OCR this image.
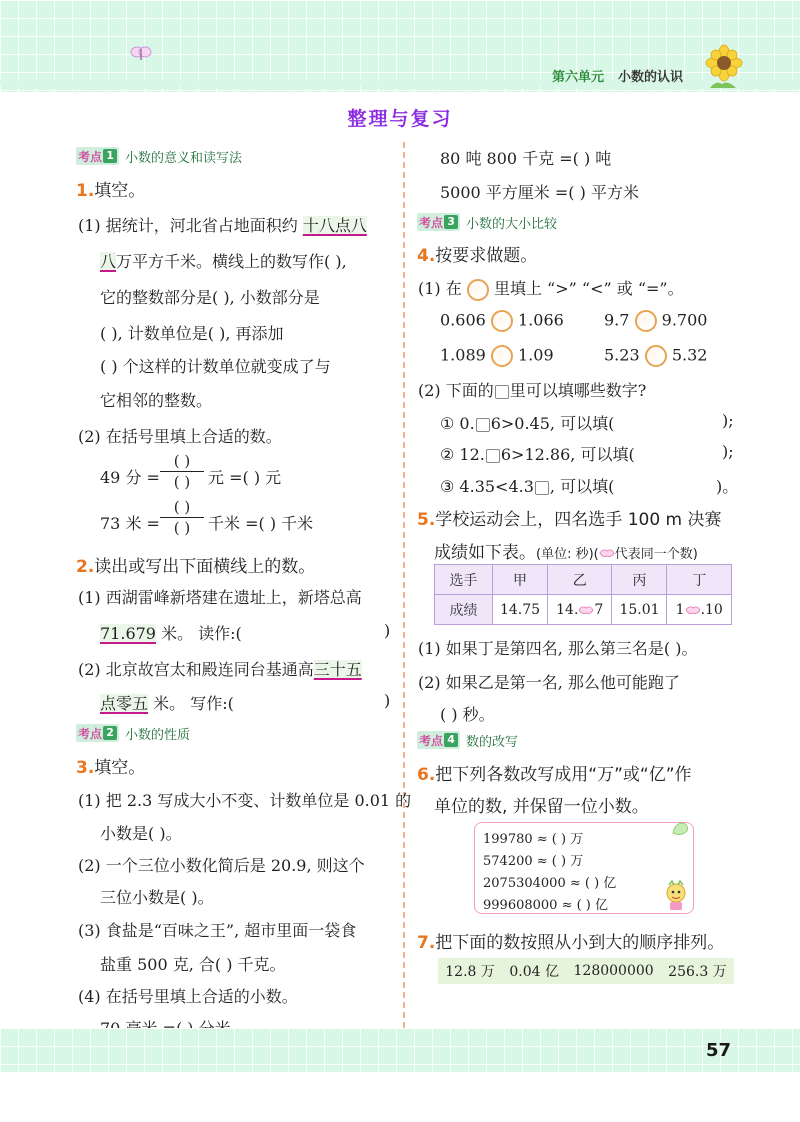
第六单元 小数的认识
整理与复习
考点 1 小数的意义和读写法
1.填空。
(1) 据统计，河北省占地面积约 十八点八
八万平方千米。横线上的数写作( ),
它的整数部分是( ), 小数部分是
( ), 计数单位是( ), 再添加
( ) 个这样的计数单位就变成了与
它相邻的整数。
(2) 在括号里填上合适的数。
49 分 =
( )
( )	元 =( ) 元
73 米 =
( )
( )	千米 =( ) 千米
2.读出或写出下面横线上的数。
(1) 西湖雷峰新塔建在遗址上，新塔总高
71.679 米。 读作:(	)
(2) 北京故宫太和殿连同台基通高三十五
点零五 米。 写作:(	)
考点 2 小数的性质
3.填空。
(1) 把 2.3 写成大小不变、计数单位是 0.01 的
小数是( )。
(2) 一个三位小数化简后是 20.9, 则这个
三位小数是( )。
(3) 食盐是“百味之王”, 超市里面一袋食
盐重 500 克, 合( ) 千克。
(4) 在括号里填上合适的小数。
80 吨 800 千克 =( ) 吨
5000 平方厘米 =( ) 平方米
考点 3 小数的大小比较
4.按要求做题。
(1) 在 里填上 “>” “<” 或 “=”。
0.606 1.066	9.7 9.700
1.089 1.09	5.23 5.32
(2) 下面的 里可以填哪些数字?
① 0. 6>0.45, 可以填(	);
② 12. 6>12.86, 可以填(	);
③ 4.35<4.3 , 可以填(	)。
5.学校运动会上，四名选手 100 m 决赛
成绩如下表。(单位: 秒)( 代表同一个数)
选手	甲	乙	丙	丁
成绩	14.75	14. 7	15.01	1 .10
(1) 如果丁是第四名, 那么第三名是( )。
(2) 如果乙是第一名, 那么他可能跑了
( ) 秒。
考点 4 数的改写
6.把下列各数改写成用“万”或“亿”作
单位的数, 并保留一位小数。
199780 ≈ ( ) 万
574200 ≈ ( ) 万
2075304000 ≈ ( ) 亿
999608000 ≈ ( ) 亿
7.把下面的数按照从小到大的顺序排列。
12.8 万 0.04 亿 128000000 256.3 万
57
